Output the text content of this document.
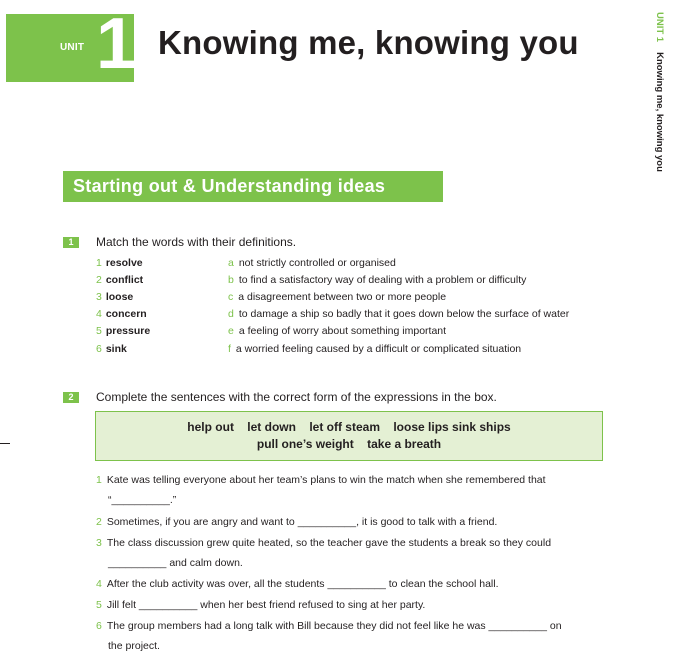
UNIT 1 Knowing me, knowing you	UNIT 1Knowing me, knowing you
Starting out & Understanding ideas
1	Match the words with their definitions.
1 resolve	a not strictly controlled or organised
2 conflict	b to find a satisfactory way of dealing with a problem or difficulty
3 loose	c a disagreement between two or more people
4 concern	d to damage a ship so badly that it goes down below the surface of water
5 pressure	e a feeling of worry about something important
6 sink	f a worried feeling caused by a difficult or complicated situation
2	Complete the sentences with the correct form of the expressions in the box.
help out let down let off steam loose lips sink ships
pull one’s weight take a breath
1 Kate was telling everyone about her team’s plans to win the match when she remembered that
“__________.”
2 Sometimes, if you are angry and want to __________, it is good to talk with a friend.
3 The class discussion grew quite heated, so the teacher gave the students a break so they could
__________ and calm down.
4 After the club activity was over, all the students __________ to clean the school hall.
5 Jill felt __________ when her best friend refused to sing at her party.
6 The group members had a long talk with Bill because they did not feel like he was __________ on
the project.
